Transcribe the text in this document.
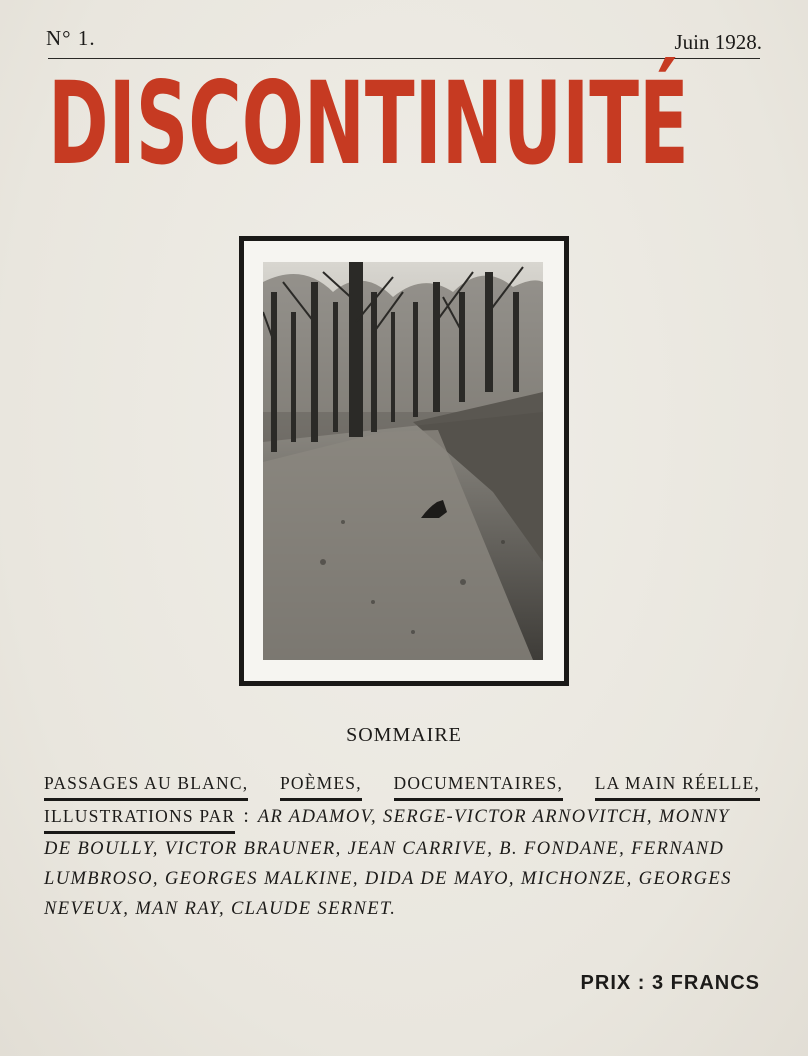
N° 1.	Juin 1928.
DISCONTINUITÉ
SOMMAIRE
PASSAGES AU BLANC, POÈMES, DOCUMENTAIRES, LA MAIN RÉELLE,
ILLUSTRATIONS PAR : AR ADAMOV, SERGE-VICTOR ARNOVITCH, MONNY
DE BOULLY, VICTOR BRAUNER, JEAN CARRIVE, B. FONDANE, FERNAND
LUMBROSO, GEORGES MALKINE, DIDA DE MAYO, MICHONZE, GEORGES
NEVEUX, MAN RAY, CLAUDE SERNET.
PRIX : 3 FRANCS
